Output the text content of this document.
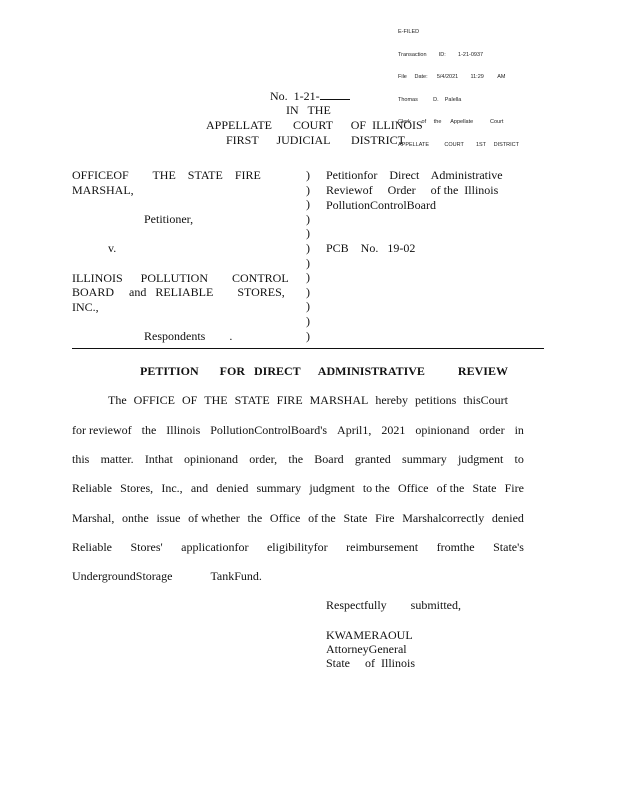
E-FILED

Transaction        ID:        1-21-0937

File     Date:      5/4/2021        11:29         AM

Thomas          D.    Palella

Clerk       of     the      Appellate           Court

APPELLATE          COURT        1ST     DISTRICT

No.  1-21-

IN   THE
APPELLATE       COURT      OF  ILLINOIS
FIRST      JUDICIAL       DISTRICT
OFFICEOF        THE    STATE    FIRE
MARSHAL,
Petitioner,
v.
ILLINOIS      POLLUTION        CONTROL
BOARD     and   RELIABLE        STORES,
INC.,
Respondents        .
)
)
)
)
)
)
)
)
)
)
)
)
Petitionfor    Direct    Administrative
Reviewof     Order     of the  Illinois
PollutionControlBoard
PCB    No.   19-02
PETITION       FOR   DIRECT      ADMINISTRATIVE           REVIEW
The OFFICE OF THE STATE FIRE MARSHAL hereby petitions thisCourt
for reviewof the Illinois PollutionControlBoard's April1, 2021 opinionand order in
this matter. Inthat opinionand order, the Board granted summary judgment to
Reliable Stores, Inc., and denied summary judgment to the Office of the State Fire
Marshal, onthe issue of whether the Office of the State Fire Marshalcorrectly denied
Reliable Stores' applicationfor eligibilityfor reimbursement fromthe State's
UndergroundStorage	TankFund.
Respectfully        submitted,
KWAMERAOUL
AttorneyGeneral
State     of  Illinois
